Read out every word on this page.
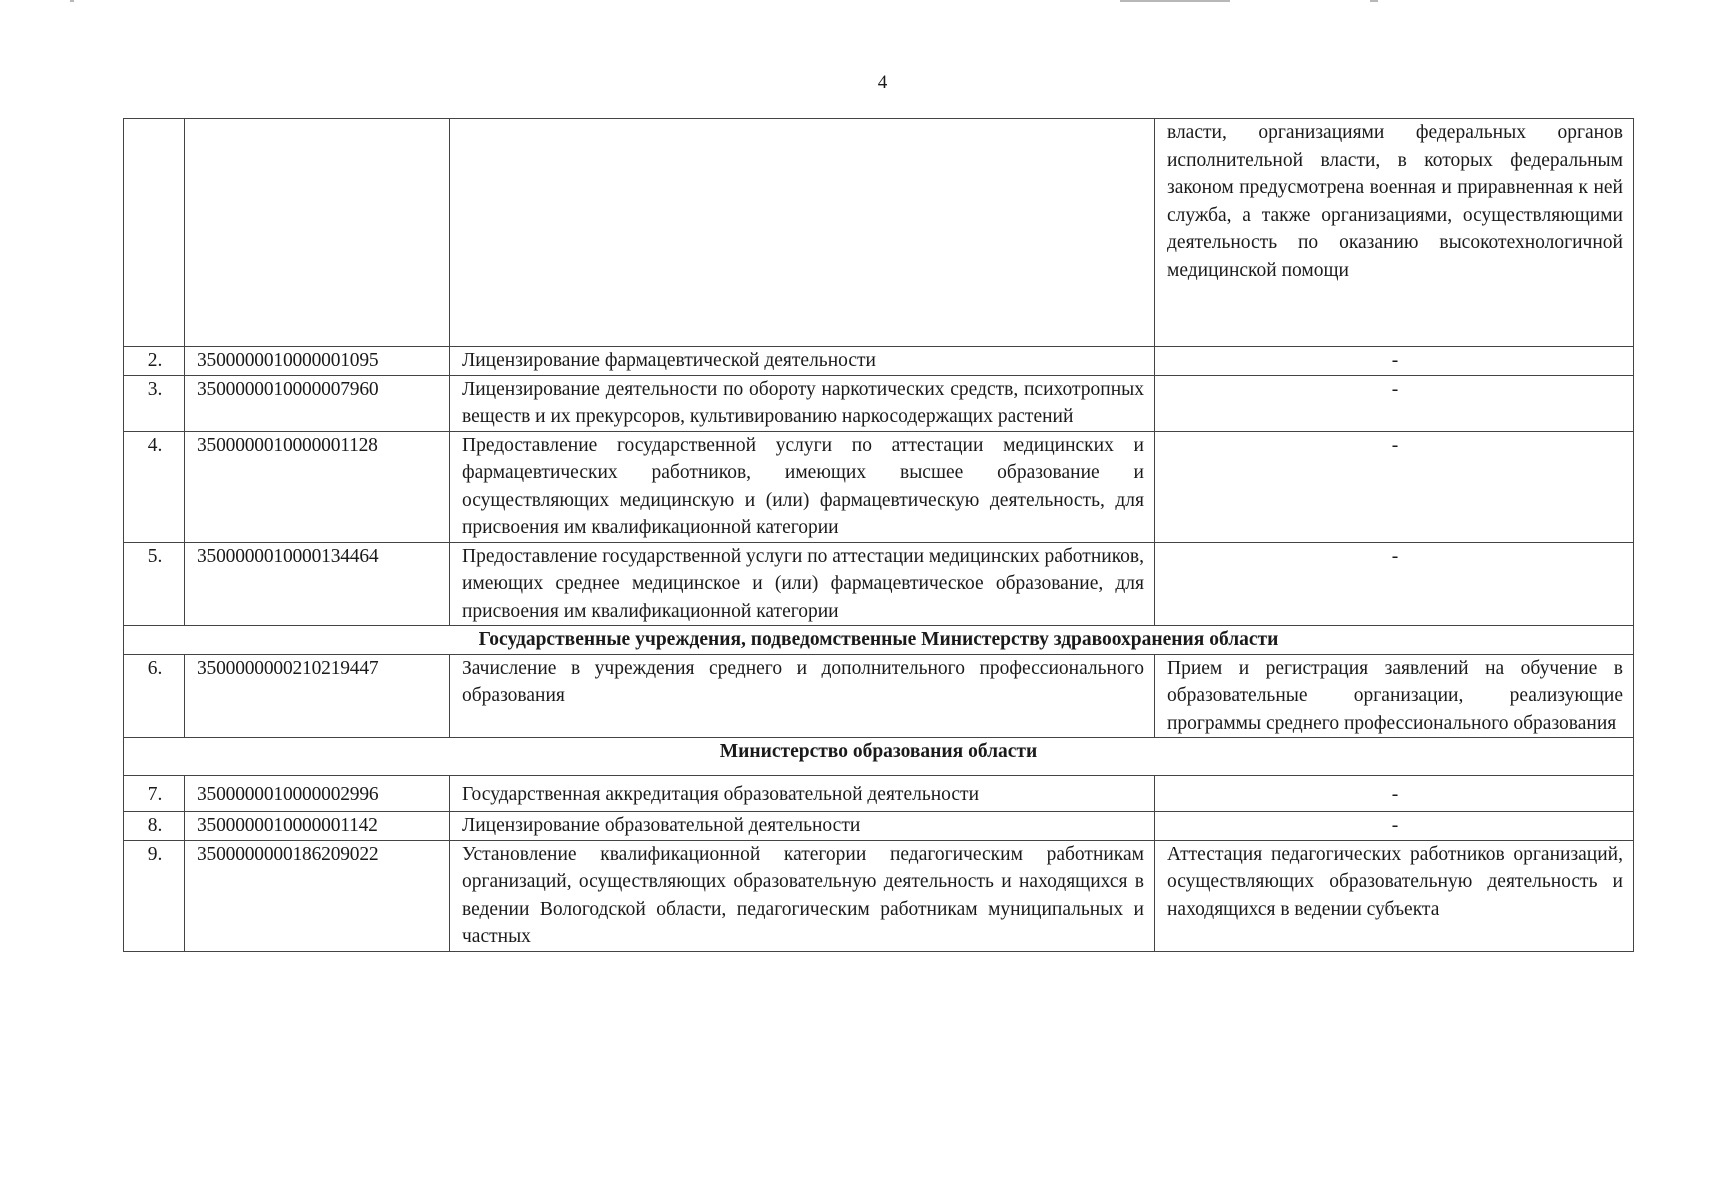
4
			власти, организациями федеральных органов исполнительной власти, в которых федеральным законом предусмотрена военная и приравненная к ней служба, а также организациями, осуществляющими деятельность по оказанию высокотехнологичной медицинской помощи
2.	3500000010000001095	Лицензирование фармацевтической деятельности	-
3.	3500000010000007960	Лицензирование деятельности по обороту наркотических средств, психотропных веществ и их прекурсоров, культивированию наркосодержащих растений	-
4.	3500000010000001128	Предоставление государственной услуги по аттестации медицинских и фармацевтических работников, имеющих высшее образование и осуществляющих медицинскую и (или) фармацевтическую деятельность, для присвоения им квалификационной категории	-
5.	3500000010000134464	Предоставление государственной услуги по аттестации медицинских работников, имеющих среднее медицинское и (или) фармацевтическое образование, для присвоения им квалификационной категории	-
Государственные учреждения, подведомственные Министерству здравоохранения области			
6.	3500000000210219447	Зачисление в учреждения среднего и дополнительного профессионального образования	Прием и регистрация заявлений на обучение в образовательные организации, реализующие программы среднего профессионального образования
Министерство образования области			
7.	3500000010000002996	Государственная аккредитация образовательной деятельности	-
8.	3500000010000001142	Лицензирование образовательной деятельности	-
9.	3500000000186209022	Установление квалификационной категории педагогическим работникам организаций, осуществляющих образовательную деятельность и находящихся в ведении Вологодской области, педагогическим работникам муниципальных и частных	Аттестация педагогических работников организаций, осуществляющих образовательную деятельность и находящихся в ведении субъекта
